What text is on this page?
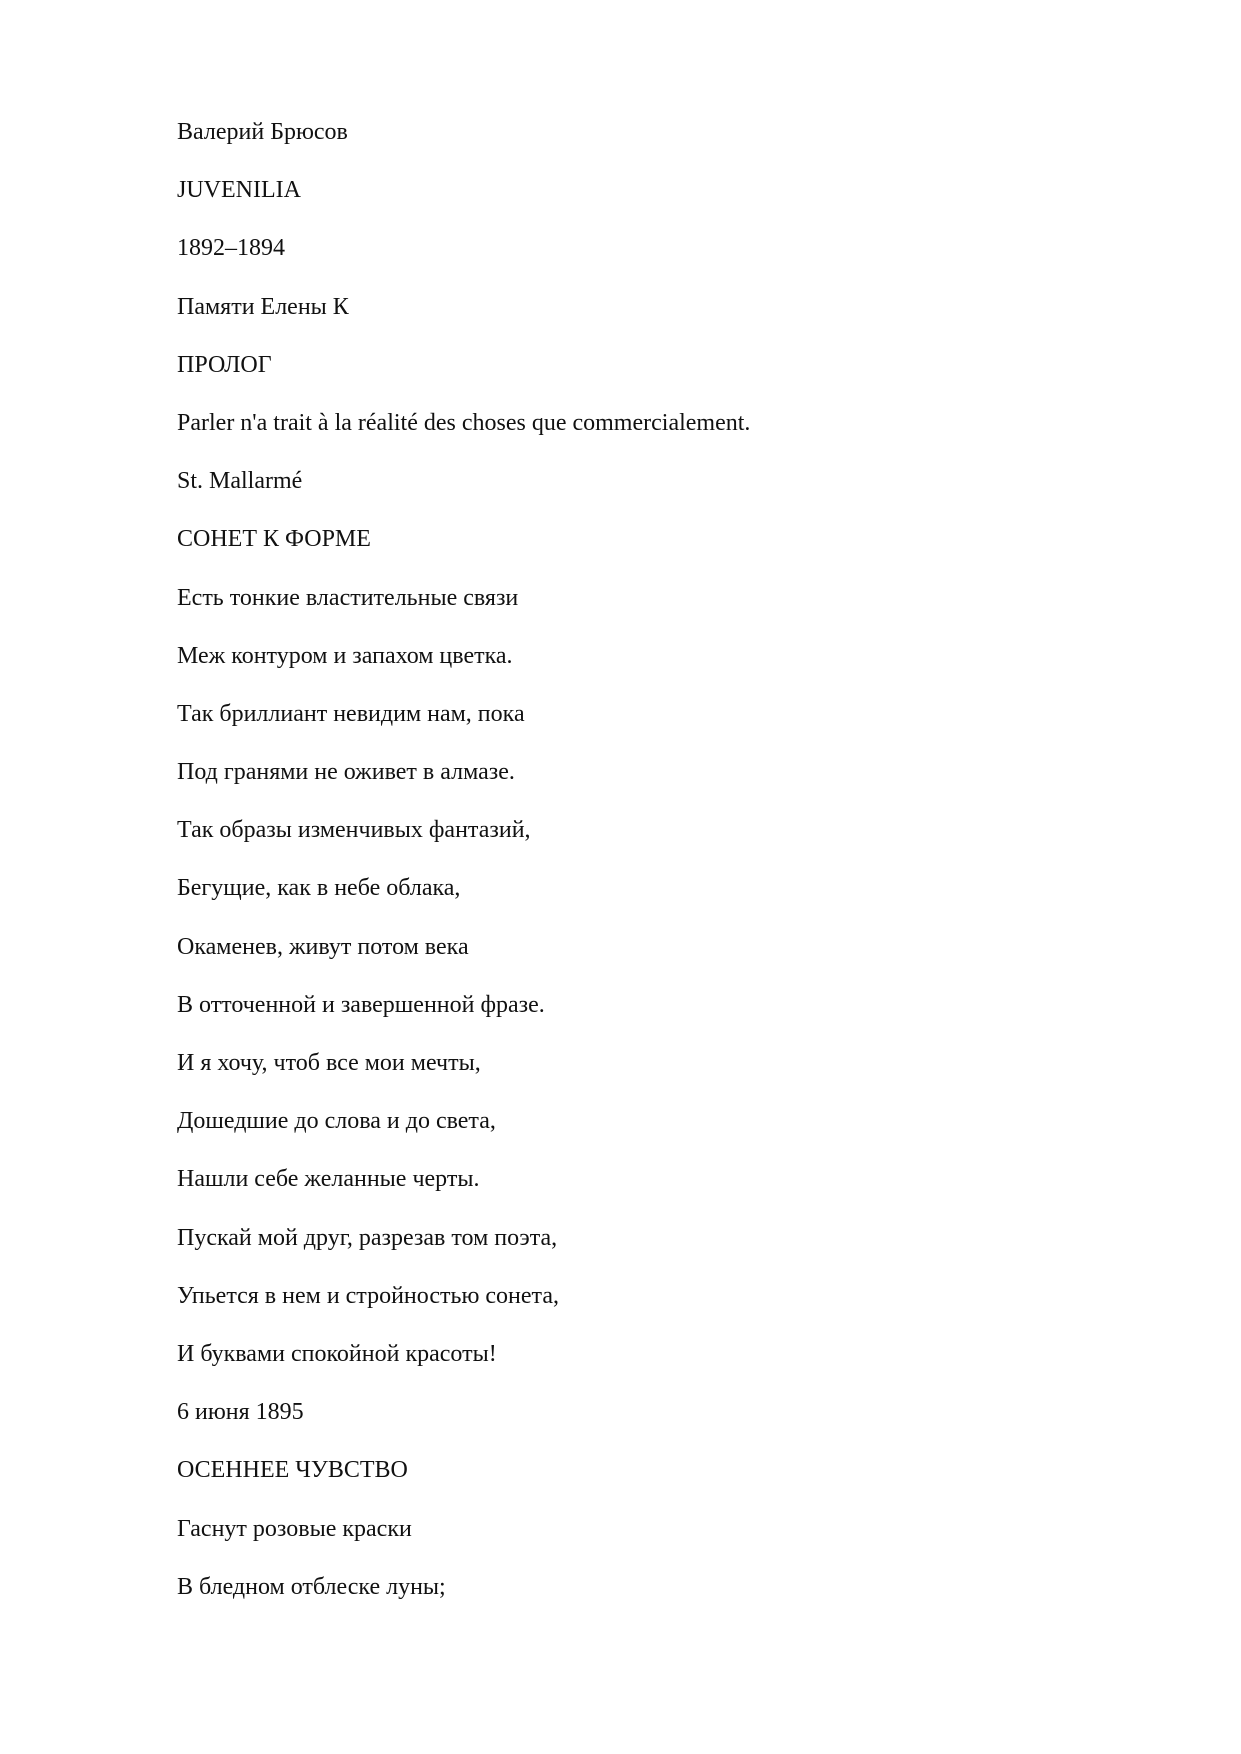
Валерий Брюсов
JUVENILIA
1892–1894
Памяти Елены К
ПРОЛОГ
Parler n'a trait à la réalité des choses que commercialement.
St. Mallarmé
СОНЕТ К ФОРМЕ
Есть тонкие властительные связи
Меж контуром и запахом цветка.
Так бриллиант невидим нам, пока
Под гранями не оживет в алмазе.
Так образы изменчивых фантазий,
Бегущие, как в небе облака,
Окаменев, живут потом века
В отточенной и завершенной фразе.
И я хочу, чтоб все мои мечты,
Дошедшие до слова и до света,
Нашли себе желанные черты.
Пускай мой друг, разрезав том поэта,
Упьется в нем и стройностью сонета,
И буквами спокойной красоты!
6 июня 1895
ОСЕННЕЕ ЧУВСТВО
Гаснут розовые краски
В бледном отблеске луны;
